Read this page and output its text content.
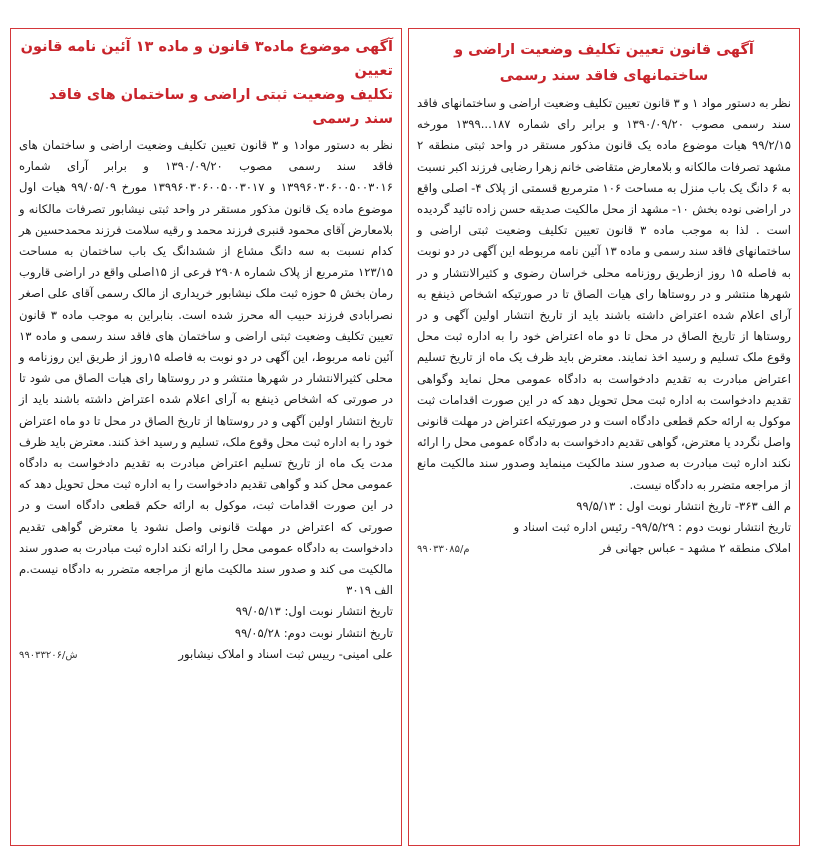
آگهی قانون تعیین تکلیف وضعیت اراضی و
ساختمانهای فاقد سند رسمی

نظر به دستور مواد ۱ و ۳ قانون تعیین تکلیف وضعیت اراضی و ساختمانهای فاقد سند رسمی مصوب ۱۳۹۰/۰۹/۲۰ و برابر رای شماره ۱۸۷...۱۳۹۹ مورخه ۹۹/۲/۱۵ هیات موضوع ماده یک قانون مذکور مستقر در واحد ثبتی منطقه ۲ مشهد تصرفات مالکانه و بلامعارض متقاضی خانم زهرا رضایی فرزند اکبر نسبت به ۶ دانگ یک باب منزل به مساحت ۱۰۶ مترمربع قسمتی از پلاک ۴- اصلی واقع در اراضی نوده بخش ۱۰- مشهد از محل مالکیت صدیقه حسن زاده تائید گردیده است . لذا به موجب ماده ۳ قانون تعیین تکلیف وضعیت ثبتی اراضی و ساختمانهای فاقد سند رسمی و ماده ۱۳ آئین نامه مربوطه این آگهی در دو نوبت به فاصله ۱۵ روز ازطریق روزنامه محلی خراسان رضوی و کثیرالانتشار و در شهرها منتشر و در روستاها رای هیات الصاق تا در صورتیکه اشخاص ذینفع به آرای اعلام شده اعتراض داشته باشند باید از تاریخ انتشار اولین آگهی و در روستاها از تاریخ الصاق در محل تا دو ماه اعتراض خود را به اداره ثبت محل وقوع ملک تسلیم و رسید اخذ نمایند. معترض باید ظرف یک ماه از تاریخ تسلیم اعتراض مبادرت به تقدیم دادخواست به دادگاه عمومی محل نماید وگواهی تقدیم دادخواست به اداره ثبت محل تحویل دهد که در این صورت اقدامات ثبت موکول به ارائه حکم قطعی دادگاه است و در صورتیکه اعتراض در مهلت قانونی واصل نگردد یا معترض، گواهی تقدیم دادخواست به دادگاه عمومی محل را ارائه نکند اداره ثبت مبادرت به صدور سند مالکیت مینماید وصدور سند مالکیت مانع از مراجعه متضرر به دادگاه نیست.

م الف ۳۶۳- تاریخ انتشار نوبت اول : ۹۹/۵/۱۳
تاریخ انتشار نوبت دوم : ۹۹/۵/۲۹- رئیس اداره ثبت اسناد و
املاک منطقه ۲ مشهد - عباس جهانی فر
۹۹۰۳۳۰۸۵/م
آگهی موضوع ماده۳ قانون و ماده ۱۳ آئین نامه قانون تعیین
تکلیف وضعیت ثبتی اراضی و ساختمان های فاقد سند رسمی

نظر به دستور مواد۱ و ۳ قانون تعیین تکلیف وضعیت اراضی و ساختمان های فاقد سند رسمی مصوب ۱۳۹۰/۰۹/۲۰ و برابر آرای شماره ۱۳۹۹۶۰۳۰۶۰۰۵۰۰۳۰۱۶ و ۱۳۹۹۶۰۳۰۶۰۰۵۰۰۳۰۱۷ مورخ ۹۹/۰۵/۰۹ هیات اول موضوع ماده یک قانون مذکور مستقر در واحد ثبتی نیشابور تصرفات مالکانه و بلامعارض آقای محمود قنبری فرزند محمد و رقیه سلامت فرزند محمدحسین هر کدام نسبت به سه دانگ مشاع از ششدانگ یک باب ساختمان به مساحت ۱۲۳/۱۵ مترمربع از پلاک شماره ۲۹۰۸ فرعی از ۱۵اصلی واقع در اراضی قاروب رمان بخش ۵ حوزه ثبت ملک نیشابور خریداری از مالک رسمی آقای علی اصغر نصرابادی فرزند حبیب اله محرز شده است. بنابراین به موجب ماده ۳ قانون تعیین تکلیف وضعیت ثبتی اراضی و ساختمان های فاقد سند رسمی و ماده ۱۳ آئین نامه مربوط، این آگهی در دو نوبت به فاصله ۱۵روز از طریق این روزنامه و محلی کثیرالانتشار در شهرها منتشر و در روستاها رای هیات الصاق می شود تا در صورتی که اشخاص ذینفع به آرای اعلام شده اعتراض داشته باشند باید از تاریخ انتشار اولین آگهی و در روستاها از تاریخ الصاق در محل تا دو ماه اعتراض خود را به اداره ثبت محل وقوع ملک، تسلیم و رسید اخذ کنند. معترض باید ظرف مدت یک ماه از تاریخ تسلیم اعتراض مبادرت به تقدیم دادخواست به دادگاه عمومی محل کند و گواهی تقدیم دادخواست را به اداره ثبت محل تحویل دهد که در این صورت اقدامات ثبت، موکول به ارائه حکم قطعی دادگاه است و در صورتی که اعتراض در مهلت قانونی واصل نشود یا معترض گواهی تقدیم دادخواست به دادگاه عمومی محل را ارائه نکند اداره ثبت مبادرت به صدور سند مالکیت می کند و صدور سند مالکیت مانع از مراجعه متضرر به دادگاه نیست.م الف ۳۰۱۹

تاریخ انتشار نوبت اول: ۹۹/۰۵/۱۳
تاریخ انتشار نوبت دوم: ۹۹/۰۵/۲۸
علی امینی- رییس ثبت اسناد و املاک نیشابور
۹۹۰۳۳۲۰۶/ش
